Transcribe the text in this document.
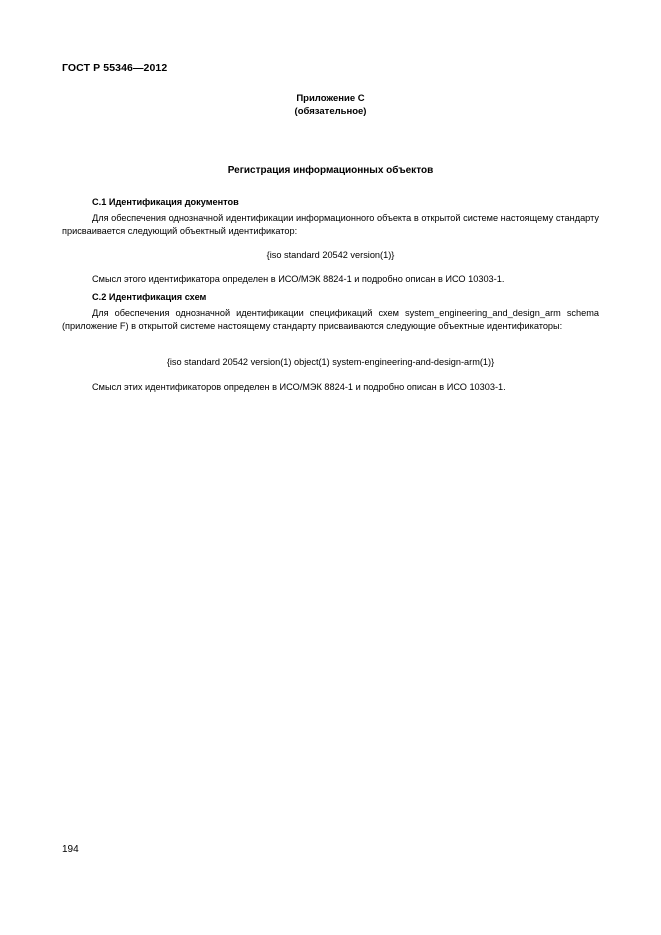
ГОСТ Р 55346—2012
Приложение С
(обязательное)
Регистрация информационных объектов
С.1 Идентификация документов

Для обеспечения однозначной идентификации информационного объекта в открытой системе настоящему стандарту присваивается следующий объектный идентификатор:

{iso standard 20542 version(1)}
Смысл этого идентификатора определен в ИСО/МЭК 8824-1 и подробно описан в ИСО 10303-1.
С.2 Идентификация схем

Для обеспечения однозначной идентификации спецификаций схем system_engineering_and_design_arm schema (приложение F) в открытой системе настоящему стандарту присваиваются следующие объектные идентификаторы:

{iso standard 20542 version(1) object(1) system-engineering-and-design-arm(1)}
Смысл этих идентификаторов определен в ИСО/МЭК 8824-1 и подробно описан в ИСО 10303-1.
194
